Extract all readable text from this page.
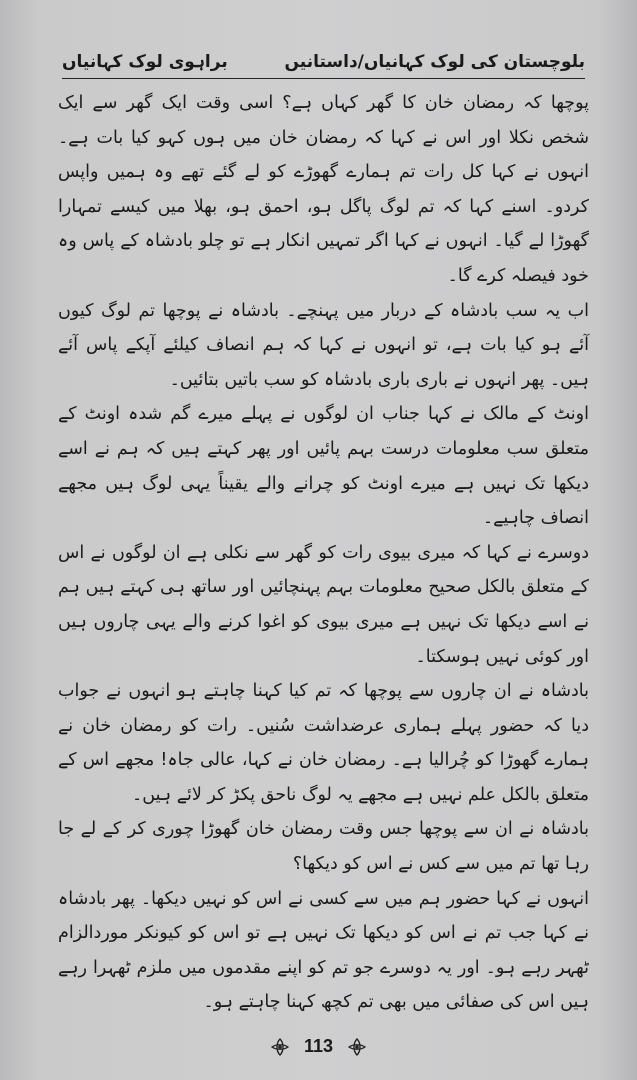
بلوچستان کی لوک کہانیاں/داستانیں
براہوی لوک کہانیاں

پوچھا کہ رمضان خان کا گھر کہاں ہے؟ اسی وقت ایک گھر سے ایک شخص نکلا اور اس نے کہا کہ رمضان خان میں ہوں کہو کیا بات ہے۔ انہوں نے کہا کل رات تم ہمارے گھوڑے کو لے گئے تھے وہ ہمیں واپس کردو۔ اسنے کہا کہ تم لوگ پاگل ہو، احمق ہو، بھلا میں کیسے تمہارا گھوڑا لے گیا۔ انہوں نے کہا اگر تمہیں انکار ہے تو چلو بادشاہ کے پاس وہ خود فیصلہ کرے گا۔

اب یہ سب بادشاہ کے دربار میں پہنچے۔ بادشاہ نے پوچھا تم لوگ کیوں آئے ہو کیا بات ہے، تو انہوں نے کہا کہ ہم انصاف کیلئے آپکے پاس آئے ہیں۔ پھر انہوں نے باری باری بادشاہ کو سب باتیں بتائیں۔

اونٹ کے مالک نے کہا جناب ان لوگوں نے پہلے میرے گم شدہ اونٹ کے متعلق سب معلومات درست بہم پائیں اور پھر کہتے ہیں کہ ہم نے اسے دیکھا تک نہیں ہے میرے اونٹ کو چرانے والے یقیناً یہی لوگ ہیں مجھے انصاف چاہیے۔

دوسرے نے کہا کہ میری بیوی رات کو گھر سے نکلی ہے ان لوگوں نے اس کے متعلق بالکل صحیح معلومات بہم پہنچائیں اور ساتھ ہی کہتے ہیں ہم نے اسے دیکھا تک نہیں ہے میری بیوی کو اغوا کرنے والے یہی چاروں ہیں اور کوئی نہیں ہوسکتا۔

بادشاہ نے ان چاروں سے پوچھا کہ تم کیا کہنا چاہتے ہو انہوں نے جواب دیا کہ حضور پہلے ہماری عرضداشت سُنیں۔ رات کو رمضان خان نے ہمارے گھوڑا کو چُرالیا ہے۔ رمضان خان نے کہا، عالی جاہ! مجھے اس کے متعلق بالکل علم نہیں ہے مجھے یہ لوگ ناحق پکڑ کر لائے ہیں۔

بادشاہ نے ان سے پوچھا جس وقت رمضان خان گھوڑا چوری کر کے لے جا رہا تھا تم میں سے کس نے اس کو دیکھا؟

انہوں نے کہا حضور ہم میں سے کسی نے اس کو نہیں دیکھا۔ پھر بادشاہ نے کہا جب تم نے اس کو دیکھا تک نہیں ہے تو اس کو کیونکر موردالزام ٹھہر رہے ہو۔ اور یہ دوسرے جو تم کو اپنے مقدموں میں ملزم ٹھہرا رہے ہیں اس کی صفائی میں بھی تم کچھ کہنا چاہتے ہو۔

113
